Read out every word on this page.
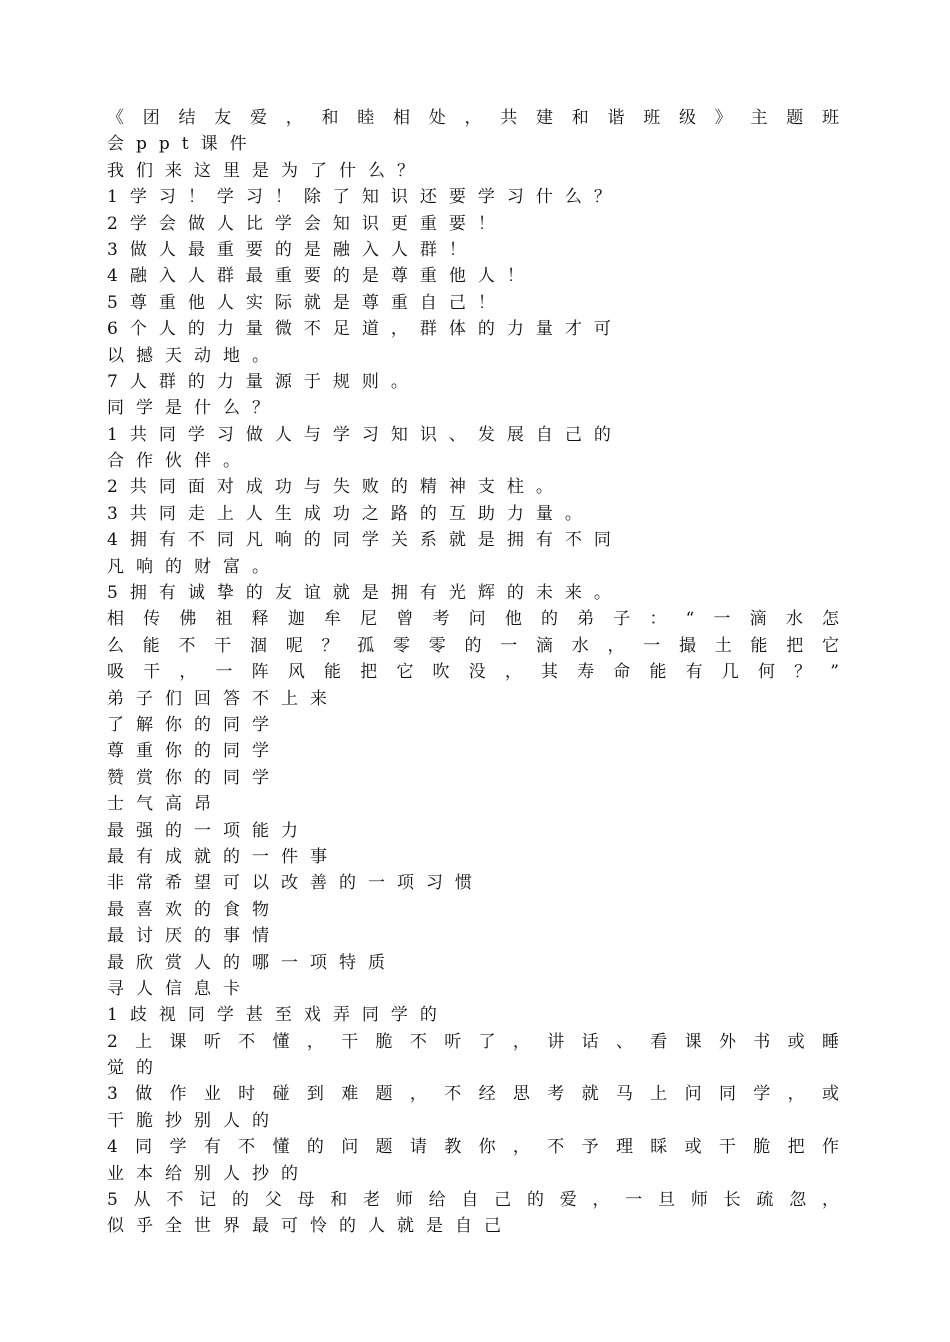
《团结友爱，和睦相处，共建和谐班级》主题班
会ppt课件
我们来这里是为了什么？
1学习！学习！除了知识还要学习什么？
2学会做人比学会知识更重要！
3做人最重要的是融入人群！
4融入人群最重要的是尊重他人！
5尊重他人实际就是尊重自己！
6个人的力量微不足道，群体的力量才可
以撼天动地。
7人群的力量源于规则。
同学是什么？
1共同学习做人与学习知识、发展自己的
合作伙伴。
2共同面对成功与失败的精神支柱。
3共同走上人生成功之路的互助力量。
4拥有不同凡响的同学关系就是拥有不同
凡响的财富。
5拥有诚挚的友谊就是拥有光辉的未来。
相传佛祖释迦牟尼曾考问他的弟子：“一滴水怎
么能不干涸呢？孤零零的一滴水，一撮土能把它
吸干，一阵风能把它吹没，其寿命能有几何？”
弟子们回答不上来
了解你的同学
尊重你的同学
赞赏你的同学
士气高昂
最强的一项能力
最有成就的一件事
非常希望可以改善的一项习惯
最喜欢的食物
最讨厌的事情
最欣赏人的哪一项特质
寻人信息卡
1歧视同学甚至戏弄同学的
2上课听不懂，干脆不听了，讲话、看课外书或睡
觉的
3做作业时碰到难题，不经思考就马上问同学，或
干脆抄别人的
4同学有不懂的问题请教你，不予理睬或干脆把作
业本给别人抄的
5从不记的父母和老师给自己的爱，一旦师长疏忽，
似乎全世界最可怜的人就是自己
